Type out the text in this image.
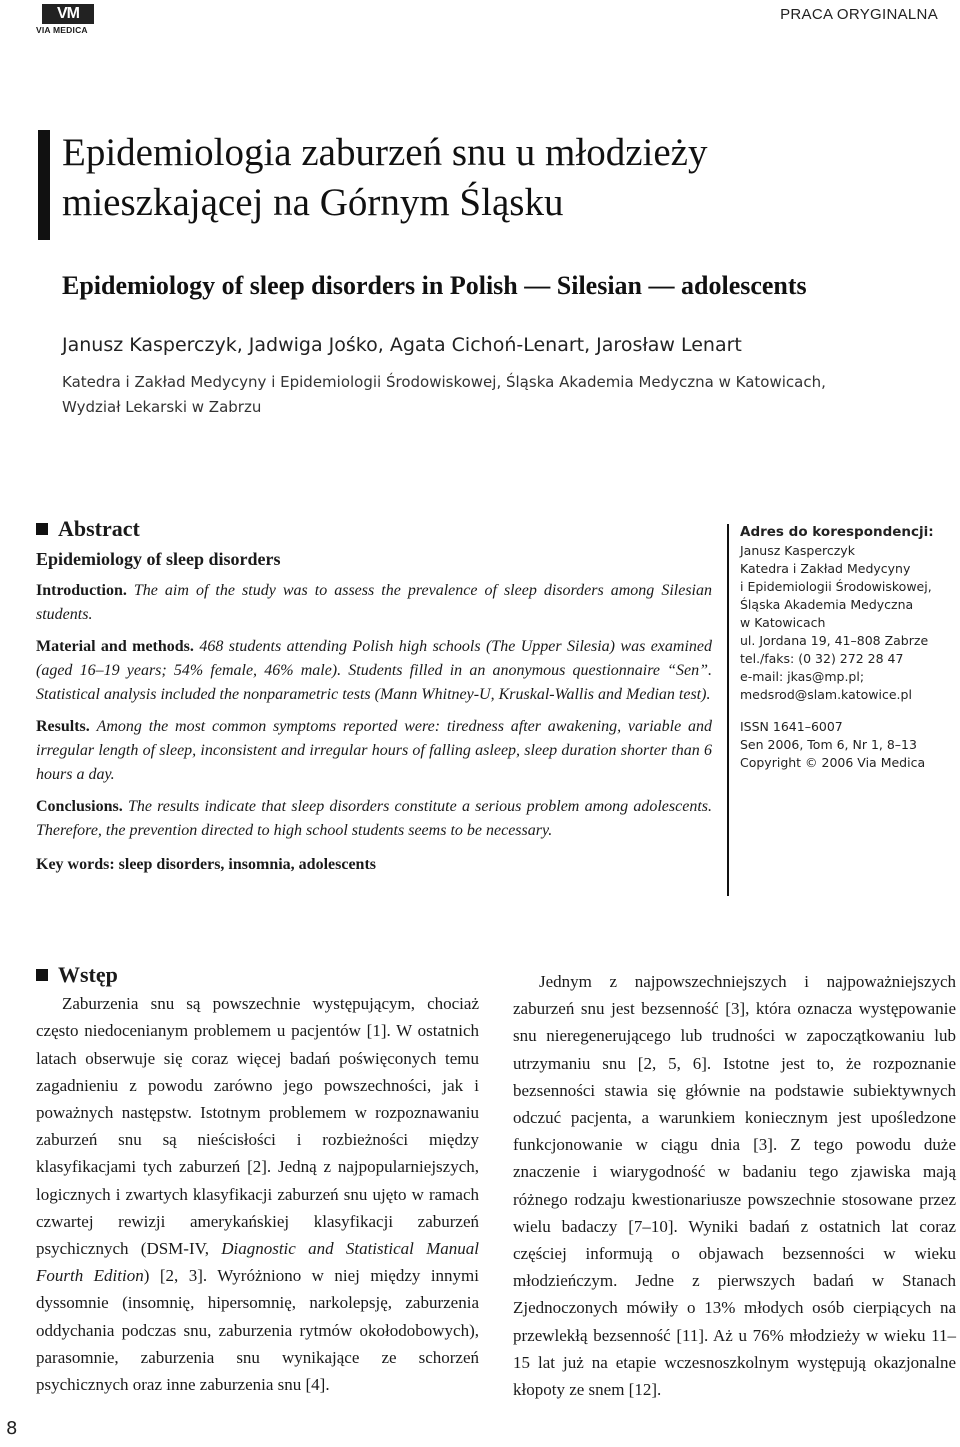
VM
VIA MEDICA
PRACA ORYGINALNA
Epidemiologia zaburzeń snu u młodzieży
mieszkającej na Górnym Śląsku
Epidemiology of sleep disorders in Polish — Silesian — adolescents
Janusz Kasperczyk, Jadwiga Jośko, Agata Cichoń-Lenart, Jarosław Lenart
Katedra i Zakład Medycyny i Epidemiologii Środowiskowej, Śląska Akademia Medyczna w Katowicach,
Wydział Lekarski w Zabrzu
Abstract
Epidemiology of sleep disorders

Introduction. The aim of the study was to assess the prevalence of sleep disorders among Silesian students.

Material and methods. 468 students attending Polish high schools (The Upper Silesia) was examined (aged 16–19 years; 54% female, 46% male). Students filled in an anonymous questionnaire “Sen”. Statistical analysis included the nonparametric tests (Mann Whitney-U, Kruskal-Wallis and Median test).

Results. Among the most common symptoms reported were: tiredness after awakening, variable and irregular length of sleep, inconsistent and irregular hours of falling asleep, sleep duration shorter than 6 hours a day.

Conclusions. The results indicate that sleep disorders constitute a serious problem among adolescents. Therefore, the prevention directed to high school students seems to be necessary.

Key words: sleep disorders, insomnia, adolescents
Adres do korespondencji:
Janusz Kasperczyk
Katedra i Zakład Medycyny
i Epidemiologii Środowiskowej,
Śląska Akademia Medyczna
w Katowicach
ul. Jordana 19, 41–808 Zabrze
tel./faks: (0 32) 272 28 47
e-mail: jkas@mp.pl;
medsrod@slam.katowice.pl
ISSN 1641–6007
Sen 2006, Tom 6, Nr 1, 8–13
Copyright © 2006 Via Medica
Wstęp

Zaburzenia snu są powszechnie występującym, chociaż często niedocenianym problemem u pacjentów [1]. W ostatnich latach obserwuje się coraz więcej badań poświęconych temu zagadnieniu z powodu zarówno jego powszechności, jak i poważnych następstw. Istotnym problemem w rozpoznawaniu zaburzeń snu są nieścisłości i rozbieżności między klasyfikacjami tych zaburzeń [2]. Jedną z najpopularniejszych, logicznych i zwartych klasyfikacji zaburzeń snu ujęto w ramach czwartej rewizji amerykańskiej klasyfikacji zaburzeń psychicznych (DSM-IV, Diagnostic and Statistical Manual Fourth Edition) [2, 3]. Wyróżniono w niej między innymi dyssomnie (insomnię, hipersomnię, narkolepsję, zaburzenia oddychania podczas snu, zaburzenia rytmów okołodobowych), parasomnie, zaburzenia snu wynikające ze schorzeń psychicznych oraz inne zaburzenia snu [4].

Jednym z najpowszechniejszych i najpoważniejszych zaburzeń snu jest bezsenność [3], która oznacza występowanie snu nieregenerującego lub trudności w zapoczątkowaniu lub utrzymaniu snu [2, 5, 6]. Istotne jest to, że rozpoznanie bezsenności stawia się głównie na podstawie subiektywnych odczuć pacjenta, a warunkiem koniecznym jest upośledzone funkcjonowanie w ciągu dnia [3]. Z tego powodu duże znaczenie i wiarygodność w badaniu tego zjawiska mają różnego rodzaju kwestionariusze powszechnie stosowane przez wielu badaczy [7–10]. Wyniki badań z ostatnich lat coraz częściej informują o objawach bezsenności w wieku młodzieńczym. Jedne z pierwszych badań w Stanach Zjednoczonych mówiły o 13% młodych osób cierpiących na przewlekłą bezsenność [11]. Aż u 76% młodzieży w wieku 11–15 lat już na etapie wczesnoszkolnym występują okazjonalne kłopoty ze snem [12].

8
